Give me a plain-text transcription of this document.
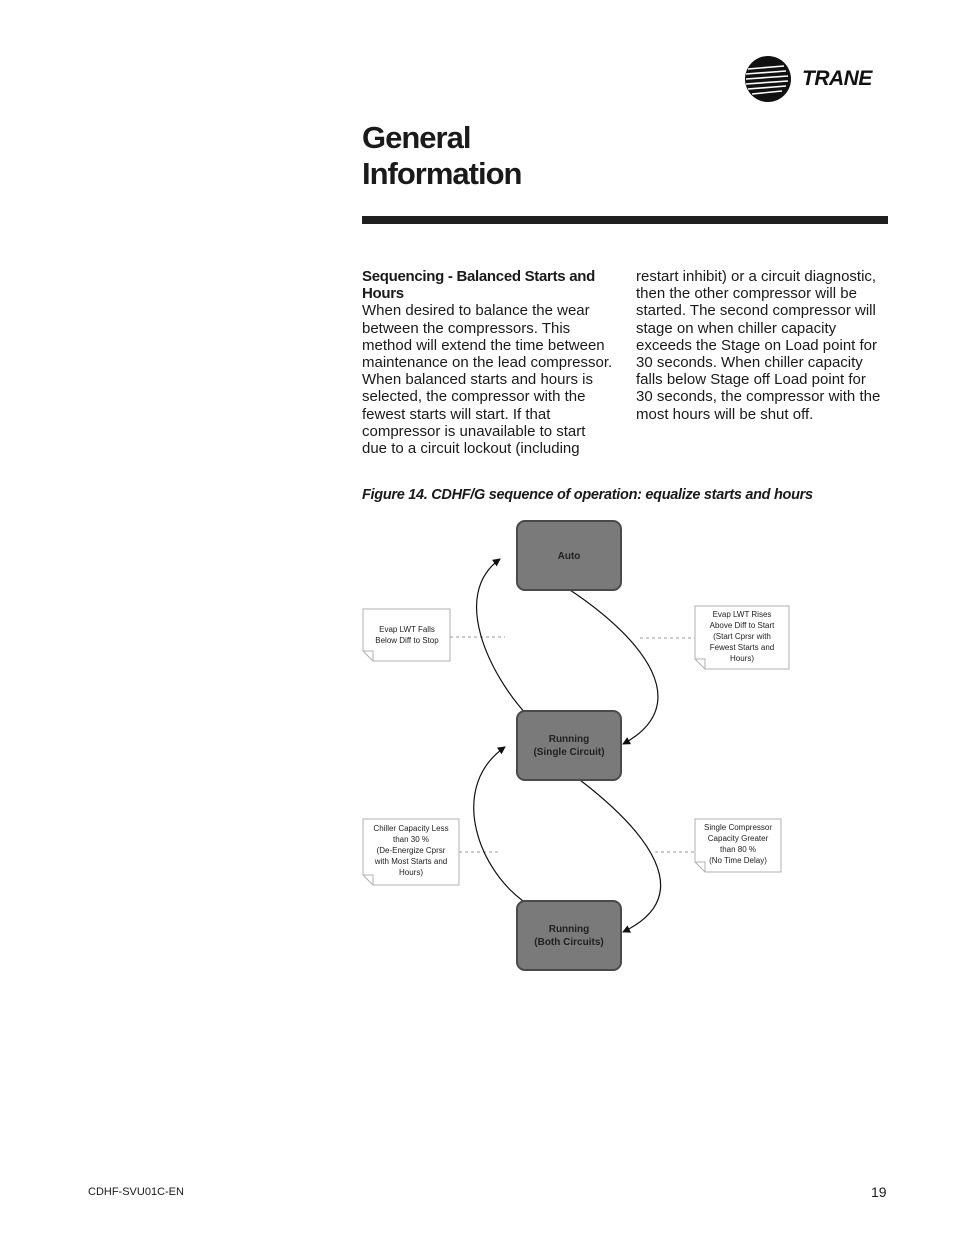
TRANE
General
Information

Sequencing - Balanced Starts and
Hours

When desired to balance the wear
between the compressors. This
method will extend the time between
maintenance on the lead compressor.
When balanced starts and hours is
selected, the compressor with the
fewest starts will start. If that
compressor is unavailable to start
due to a circuit lockout (including

restart inhibit) or a circuit diagnostic,
then the other compressor will be
started. The second compressor will
stage on when chiller capacity
exceeds the Stage on Load point for
30 seconds. When chiller capacity
falls below Stage off Load point for
30 seconds, the compressor with the
most hours will be shut off.

Figure 14. CDHF/G sequence of operation: equalize starts and hours
Auto
Running
(Single Circuit)
Running
(Both Circuits)
Evap LWT Falls
Below Diff to Stop
Evap LWT Rises
Above Diff to Start
(Start Cprsr with
Fewest Starts and
Hours)
Chiller Capacity Less
than 30 %
(De-Energize Cprsr
with Most Starts and
Hours)
Single Compressor
Capacity Greater
than 80 %
(No Time Delay)
CDHF-SVU01C-EN	19
